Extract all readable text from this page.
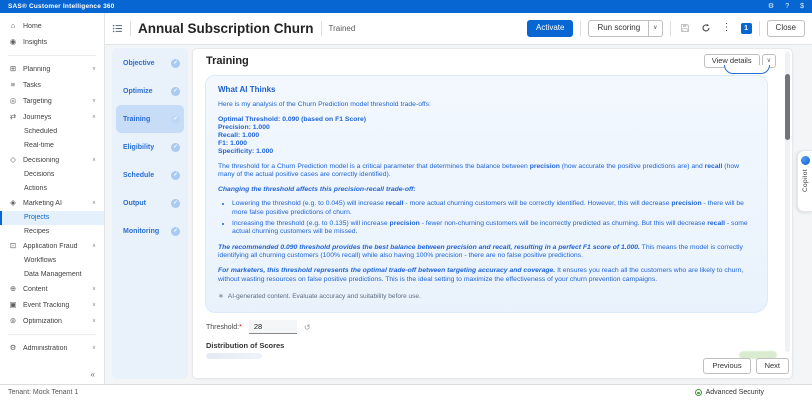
SAS® Customer Intelligence 360	⚙ ? $
Annual Subscription Churn Trained	Activate	Run scoring	∨	⋮	1	Close
⌂	Home
◉ Insights
⊞ Planning	∨
≡	Tasks
◎ Targeting	∨
⇄ Journeys	∧
Scheduled
Real-time
◇	Decisioning	∧
Decisions
Actions
◈	Marketing AI	∧
Projects
Recipes
⊡ Application Fraud	∧
Workflows
Data Management
⊕ Content	∨
▣ Event Tracking	∨
⊚ Optimization	∨
⚙ Administration	∨
«
Objective	✓
Optimize	✓
Training	✓
Eligibility	✓
Schedule	✓
Output	✓
Monitoring	✓
Training	View details	∨
What AI Thinks

Here is my analysis of the Churn Prediction model threshold trade-offs:

Optimal Threshold: 0.090 (based on F1 Score)
Precision: 1.000
Recall: 1.000
F1: 1.000
Specificity: 1.000

The threshold for a Churn Prediction model is a critical parameter that determines the balance between precision (how accurate the positive predictions are) and recall (how many of the actual positive cases are correctly identified).

Changing the threshold affects this precision-recall trade-off:

• Lowering the threshold (e.g. to 0.045) will increase recall - more actual churning customers will be correctly identified. However, this will decrease precision - there will be more false positive predictions of churn.
• Increasing the threshold (e.g. to 0.135) will increase precision - fewer non-churning customers will be incorrectly predicted as churning. But this will decrease recall - some actual churning customers will be missed.

The recommended 0.090 threshold provides the best balance between precision and recall, resulting in a perfect F1 score of 1.000. This means the model is correctly identifying all churning customers (100% recall) while also having 100% precision - there are no false positive predictions.

For marketers, this threshold represents the optimal trade-off between targeting accuracy and coverage. It ensures you reach all the customers who are likely to churn, without wasting resources on false positive predictions. This is the ideal setting to maximize the effectiveness of your churn prevention campaigns.

∗ AI-generated content. Evaluate accuracy and suitability before use.
Threshold:*
28	↺
Distribution of Scores
Previous	Next
Copilot
Tenant: Mock Tenant 1	Advanced Security
